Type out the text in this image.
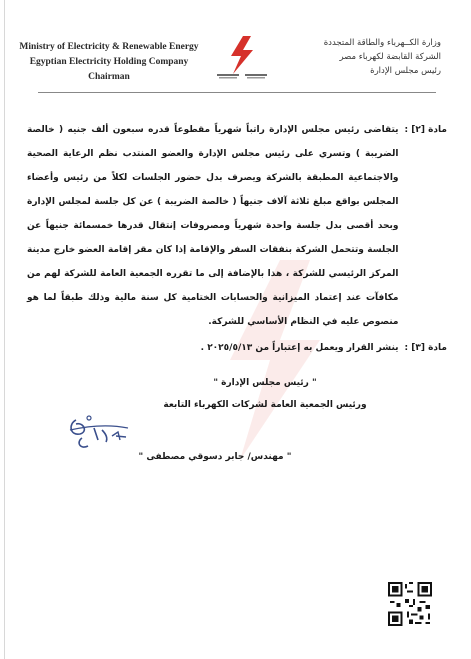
Ministry of Electricity & Renewable Energy
Egyptian Electricity Holding Company
Chairman
وزارة الكــهرباء والطاقة المتجددة
الشركة القابضة لكهرباء مصر
رئيس مجلس الإدارة
مادة [٢] :
يتقاضى رئيس مجلس الإدارة راتباً شهرياً مقطوعاً قدره سبعون ألف جنيه ( خالصة الضريبة ) وتسري على رئيس مجلس الإدارة والعضو المنتدب نظم الرعاية الصحية والاجتماعية المطبقة بالشركة ويصرف بدل حضور الجلسات لكلاً من رئيس وأعضاء المجلس بواقع مبلغ ثلاثة آلاف جنيهاً ( خالصة الضريبة ) عن كل جلسة لمجلس الإدارة وبحد أقصى بدل جلسة واحدة شهرياً ومصروفات إنتقال قدرها خمسمائة جنيهاً عن الجلسة وتتحمل الشركة بنفقات السفر والإقامة إذا كان مقر إقامة العضو خارج مدينة المركز الرئيسي للشركة ، هذا بالإضافة إلى ما تقرره الجمعية العامة للشركة لهم من مكافآت عند إعتماد الميزانية والحسابات الختامية كل سنة مالية وذلك طبقاً لما هو منصوص عليه في النظام الأساسي للشركة.
مادة [٣] :
ينشر القرار ويعمل به إعتباراً من ٢٠٢٥/٥/١٣ .
" رئيس مجلس الإدارة "
ورئيس الجمعية العامة لشركات الكهرباء التابعة
" مهندس/ جابر دسوقي مصطفى "
